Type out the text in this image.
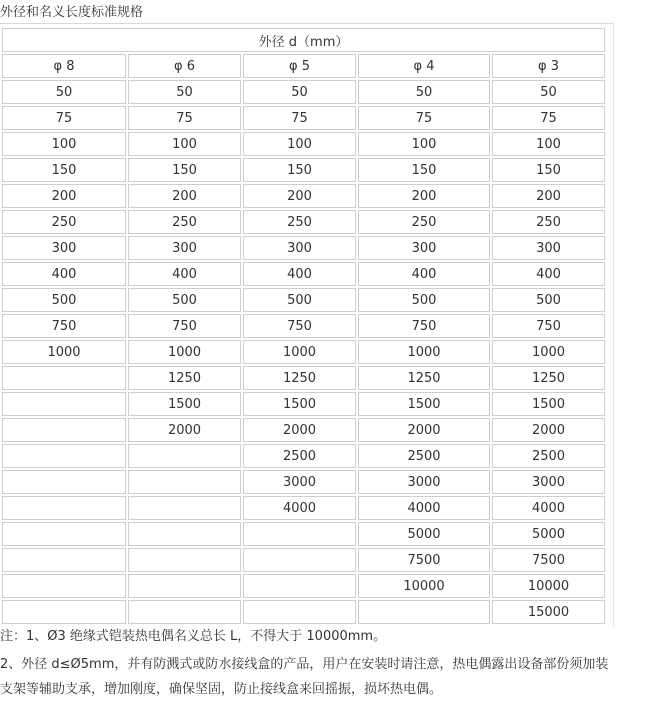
外径和名义长度标准规格
外径 d（mm）				
φ 8	φ 6	φ 5	φ 4	φ 3
50	50	50	50	50
75	75	75	75	75
100	100	100	100	100
150	150	150	150	150
200	200	200	200	200
250	250	250	250	250
300	300	300	300	300
400	400	400	400	400
500	500	500	500	500
750	750	750	750	750
1000	1000	1000	1000	1000
	1250	1250	1250	1250
	1500	1500	1500	1500
	2000	2000	2000	2000
		2500	2500	2500
		3000	3000	3000
		4000	4000	4000
			5000	5000
			7500	7500
			10000	10000
				15000
注：1、Ø3 绝缘式铠装热电偶名义总长 L，不得大于 10000mm。
2、外径 d≤Ø5mm，并有防溅式或防水接线盒的产品，用户在安装时请注意，热电偶露出设备部份须加装
支架等辅助支承，增加刚度，确保坚固，防止接线盒来回摇振，损坏热电偶。
